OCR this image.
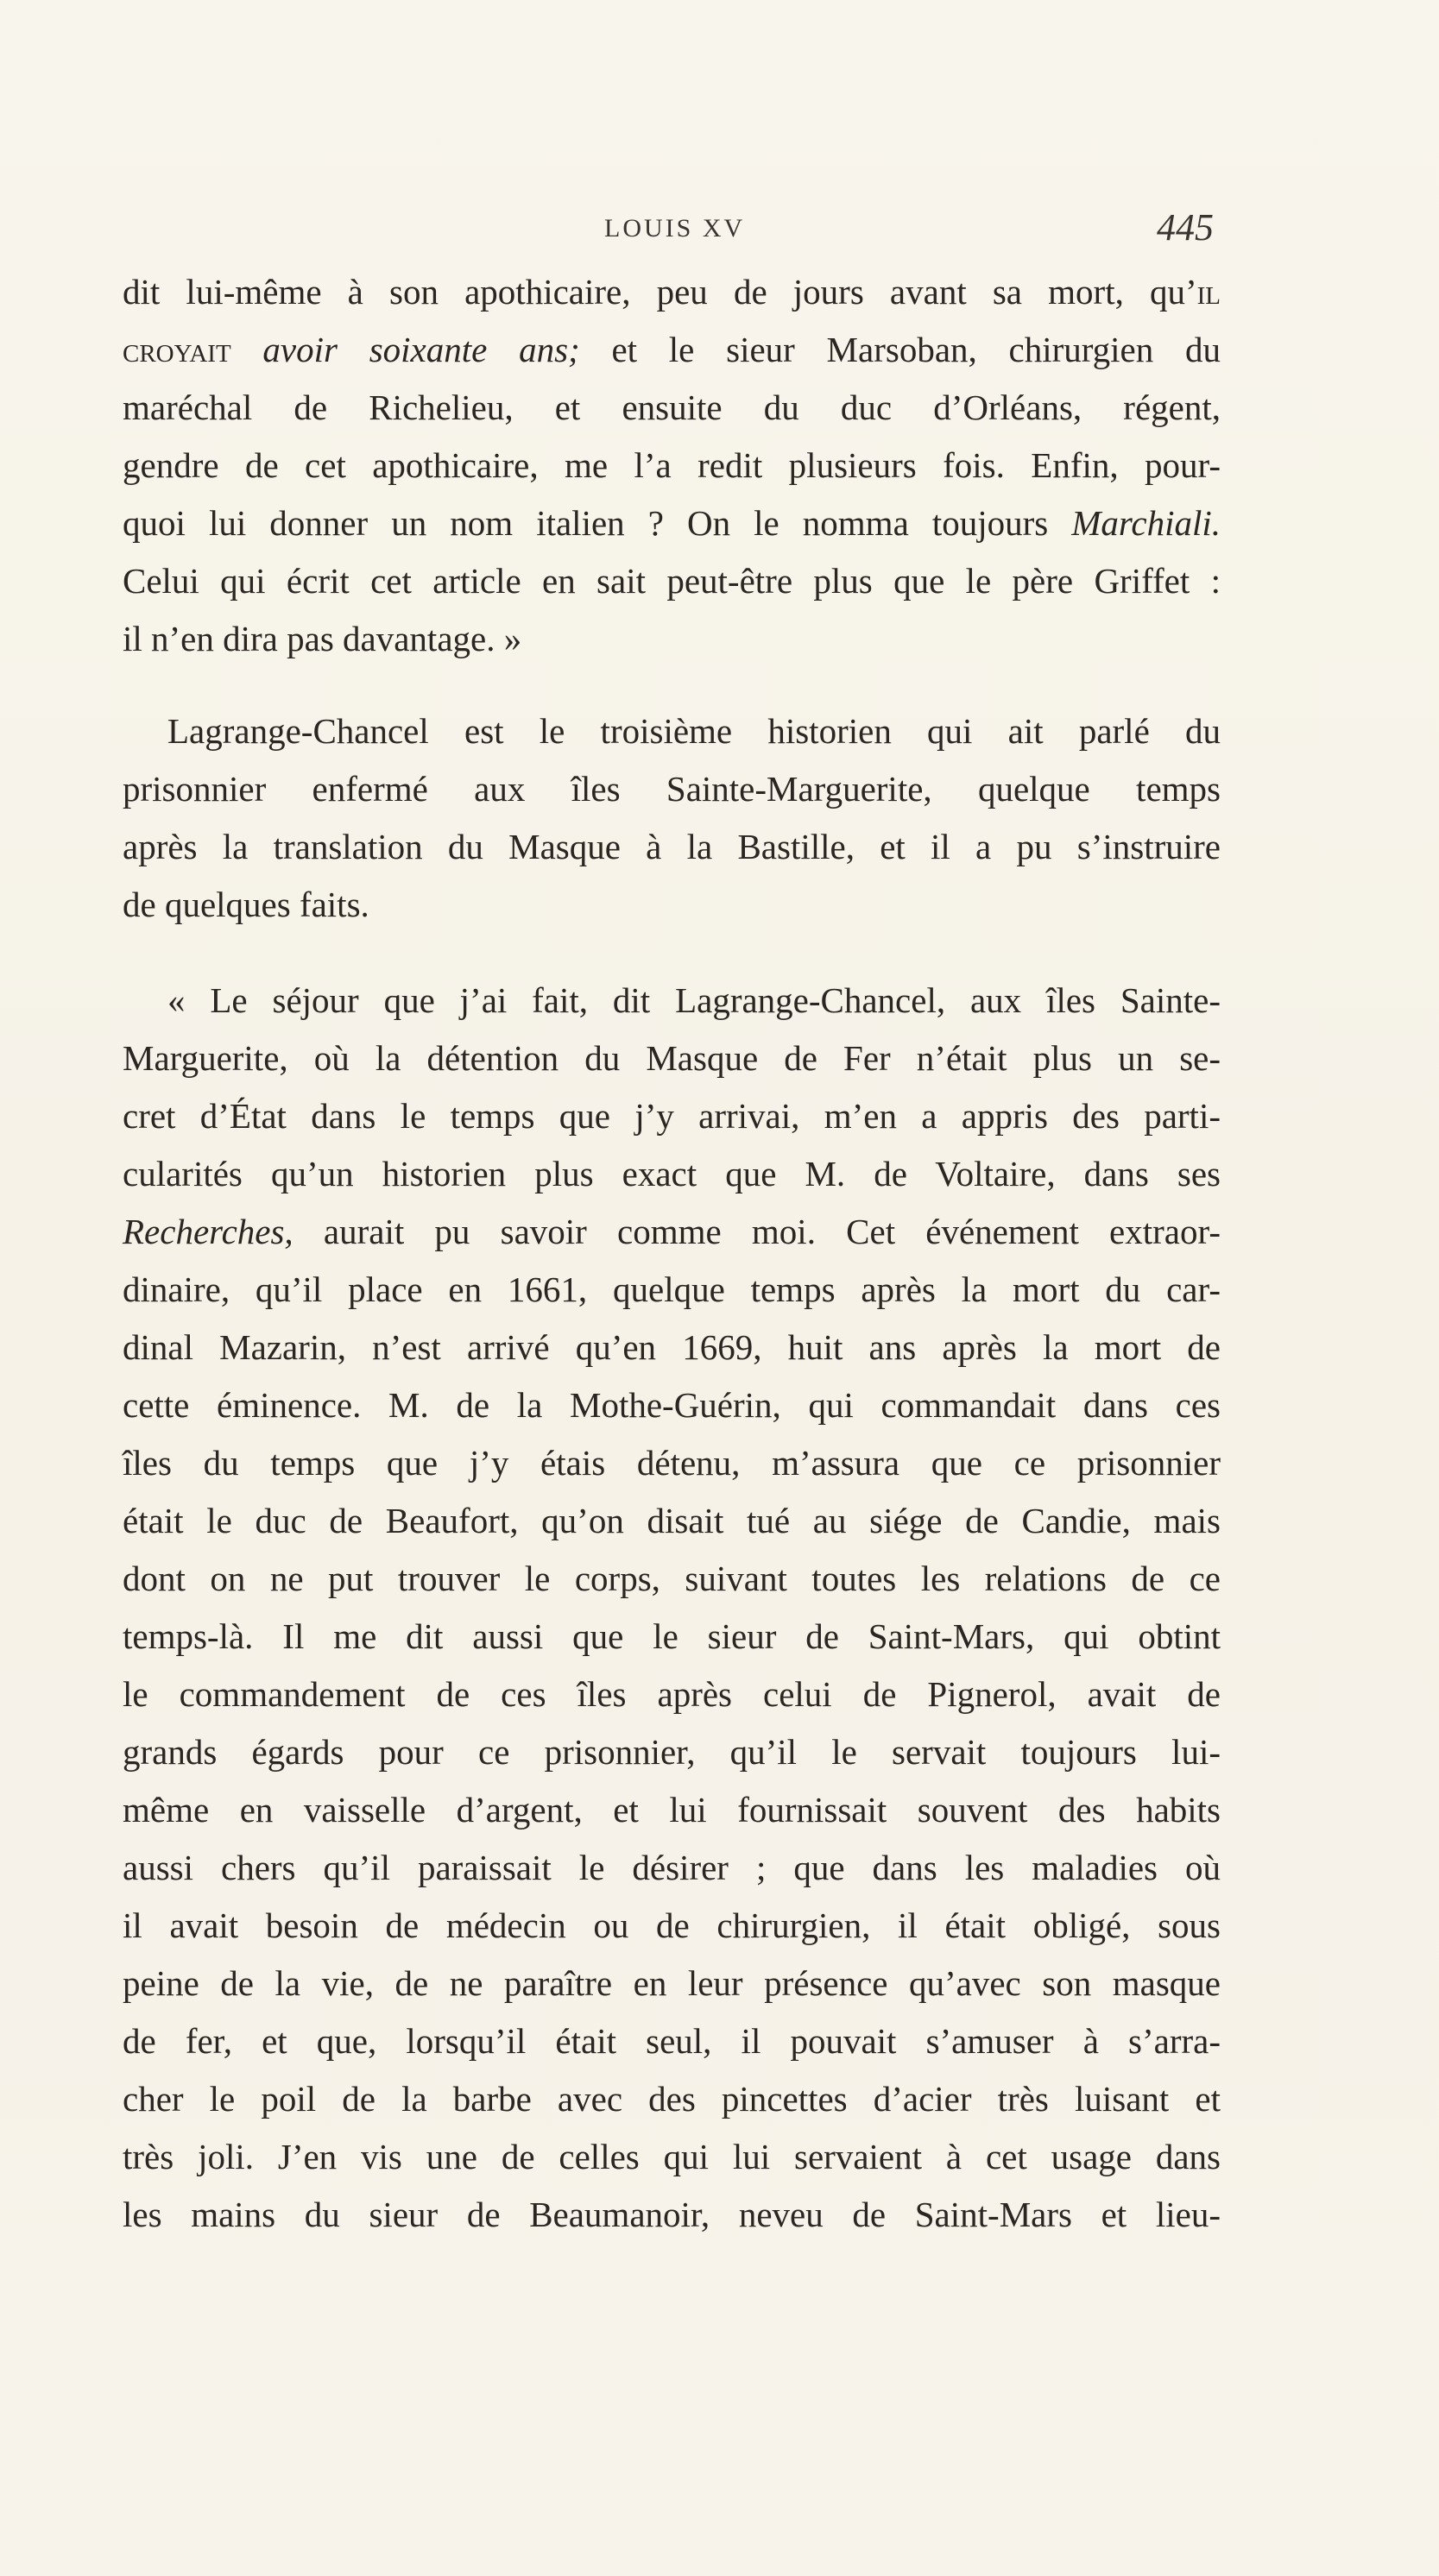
LOUIS XV	445
dit lui-même à son apothicaire, peu de jours avant sa mort, qu’il
croyait avoir soixante ans; et le sieur Marsoban, chirurgien du
maréchal de Richelieu, et ensuite du duc d’Orléans, régent,
gendre de cet apothicaire, me l’a redit plusieurs fois. Enfin, pour-
quoi lui donner un nom italien ? On le nomma toujours Marchiali.
Celui qui écrit cet article en sait peut-être plus que le père Griffet :
il n’en dira pas davantage. »
Lagrange-Chancel est le troisième historien qui ait parlé du
prisonnier enfermé aux îles Sainte-Marguerite, quelque temps
après la translation du Masque à la Bastille, et il a pu s’instruire
de quelques faits.
« Le séjour que j’ai fait, dit Lagrange-Chancel, aux îles Sainte-
Marguerite, où la détention du Masque de Fer n’était plus un se-
cret d’État dans le temps que j’y arrivai, m’en a appris des parti-
cularités qu’un historien plus exact que M. de Voltaire, dans ses
Recherches, aurait pu savoir comme moi. Cet événement extraor-
dinaire, qu’il place en 1661, quelque temps après la mort du car-
dinal Mazarin, n’est arrivé qu’en 1669, huit ans après la mort de
cette éminence. M. de la Mothe-Guérin, qui commandait dans ces
îles du temps que j’y étais détenu, m’assura que ce prisonnier
était le duc de Beaufort, qu’on disait tué au siége de Candie, mais
dont on ne put trouver le corps, suivant toutes les relations de ce
temps-là. Il me dit aussi que le sieur de Saint-Mars, qui obtint
le commandement de ces îles après celui de Pignerol, avait de
grands égards pour ce prisonnier, qu’il le servait toujours lui-
même en vaisselle d’argent, et lui fournissait souvent des habits
aussi chers qu’il paraissait le désirer ; que dans les maladies où
il avait besoin de médecin ou de chirurgien, il était obligé, sous
peine de la vie, de ne paraître en leur présence qu’avec son masque
de fer, et que, lorsqu’il était seul, il pouvait s’amuser à s’arra-
cher le poil de la barbe avec des pincettes d’acier très luisant et
très joli. J’en vis une de celles qui lui servaient à cet usage dans
les mains du sieur de Beaumanoir, neveu de Saint-Mars et lieu-
